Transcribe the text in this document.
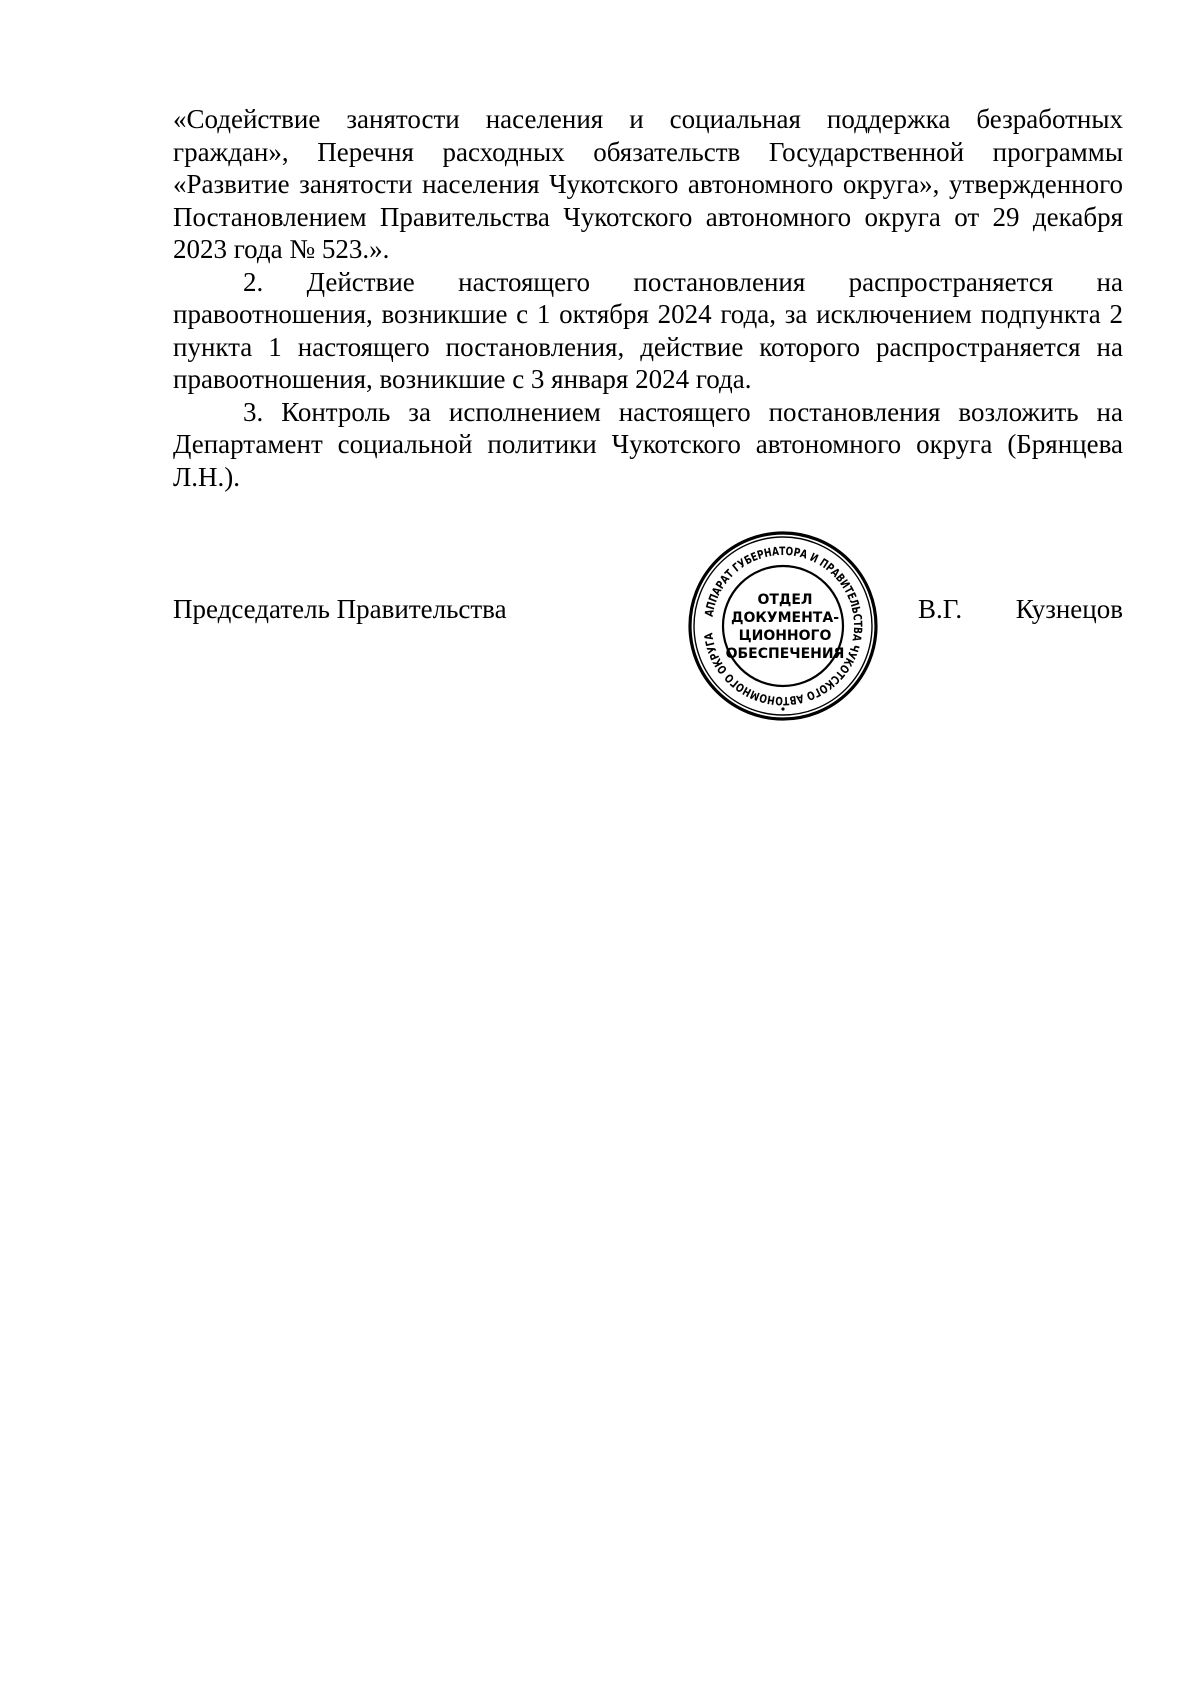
«Содействие занятости населения и социальная поддержка безработных граждан», Перечня расходных обязательств Государственной программы «Развитие занятости населения Чукотского автономного округа», утвержденного Постановлением Правительства Чукотского автономного округа от 29 декабря 2023 года № 523.».

2. Действие настоящего постановления распространяется на правоотношения, возникшие с 1 октября 2024 года, за исключением подпункта 2 пункта 1 настоящего постановления, действие которого распространяется на правоотношения, возникшие с 3 января 2024 года.

3. Контроль за исполнением настоящего постановления возложить на Департамент социальной политики Чукотского автономного округа (Брянцева Л.Н.).

Председатель Правительства	В.Г. Кузнецов
АППАРАТ ГУБЕРНАТОРА И ПРАВИТЕЛЬСТВА ЧУКОТСКОГО АВТОНОМНОГО ОКРУГА
ОТДЕЛ
ДОКУМЕНТА-
ЦИОННОГО
ОБЕСПЕЧЕНИЯ
